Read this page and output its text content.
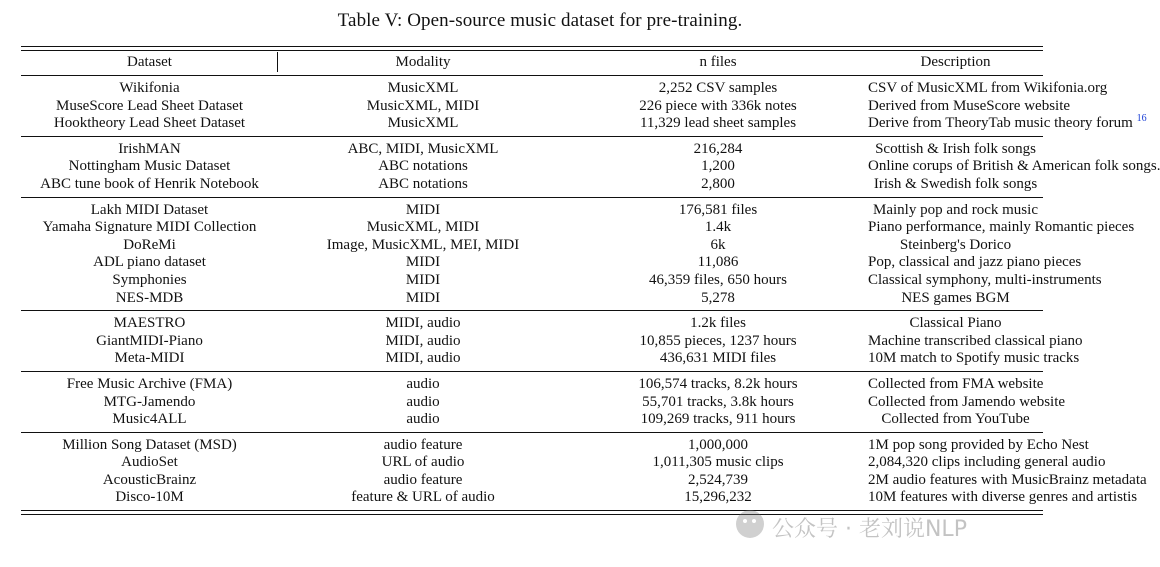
Table V: Open-source music dataset for pre-training.
Dataset	Modality	n files	Description
Wikifonia	MusicXML	2,252 CSV samples	CSV of MusicXML from Wikifonia.org
MuseScore Lead Sheet Dataset	MusicXML, MIDI	226 piece with 336k notes	Derived from MuseScore website
Hooktheory Lead Sheet Dataset	MusicXML	11,329 lead sheet samples	Derive from TheoryTab music theory forum $^{16}$
IrishMAN	ABC, MIDI, MusicXML	216,284	Scottish & Irish folk songs
Nottingham Music Dataset	ABC notations	1,200	Online corups of British & American folk songs.
ABC tune book of Henrik Notebook	ABC notations	2,800	Irish & Swedish folk songs
Lakh MIDI Dataset	MIDI	176,581 files	Mainly pop and rock music
Yamaha Signature MIDI Collection	MusicXML, MIDI	1.4k	Piano performance, mainly Romantic pieces
DoReMi	Image, MusicXML, MEI, MIDI	6k	Steinberg's Dorico
ADL piano dataset	MIDI	11,086	Pop, classical and jazz piano pieces
Symphonies	MIDI	46,359 files, 650 hours	Classical symphony, multi-instruments
NES-MDB	MIDI	5,278	NES games BGM
MAESTRO	MIDI, audio	1.2k files	Classical Piano
GiantMIDI-Piano	MIDI, audio	10,855 pieces, 1237 hours	Machine transcribed classical piano
Meta-MIDI	MIDI, audio	436,631 MIDI files	10M match to Spotify music tracks
Free Music Archive (FMA)	audio	106,574 tracks, 8.2k hours	Collected from FMA website
MTG-Jamendo	audio	55,701 tracks, 3.8k hours	Collected from Jamendo website
Music4ALL	audio	109,269 tracks, 911 hours	Collected from YouTube
Million Song Dataset (MSD)	audio feature	1,000,000	1M pop song provided by Echo Nest
AudioSet	URL of audio	1,011,305 music clips	2,084,320 clips including general audio
AcousticBrainz	audio feature	2,524,739	2M audio features with MusicBrainz metadata
Disco-10M	feature & URL of audio	15,296,232	10M features with diverse genres and artistis
公众号 · 老刘说NLP
